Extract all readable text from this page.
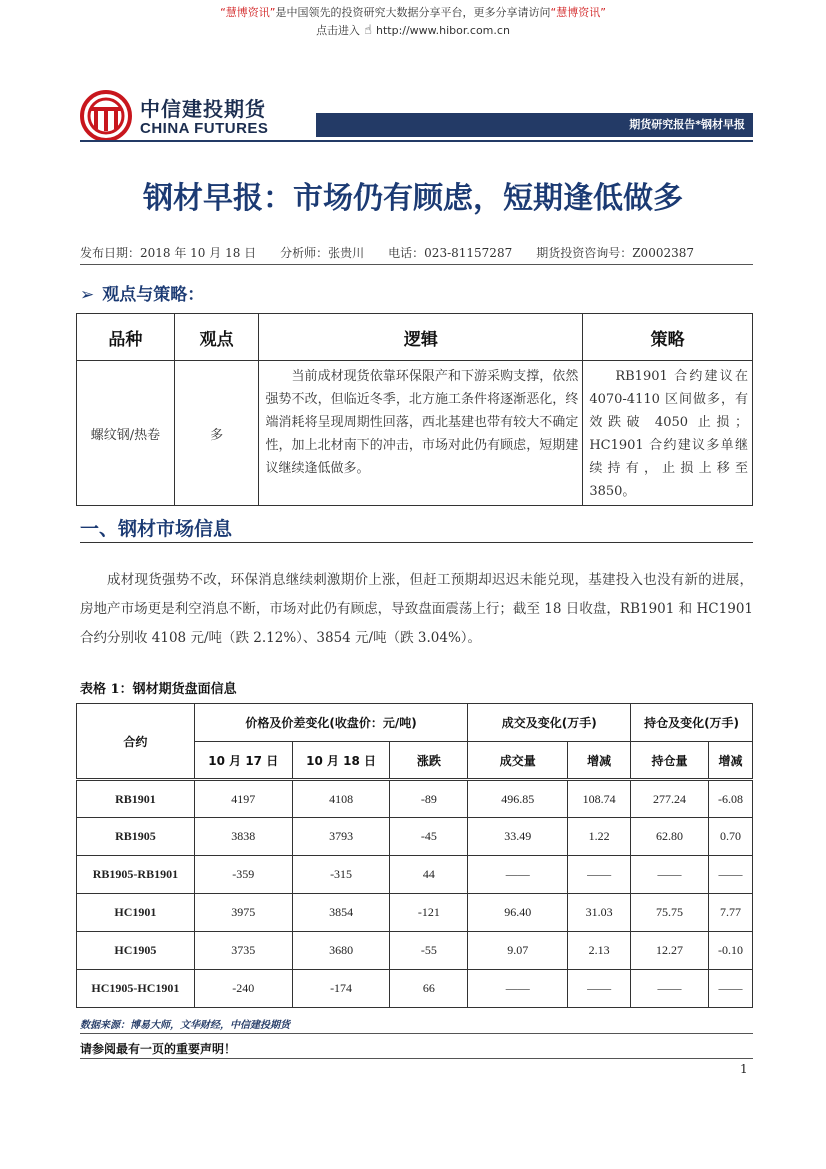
“慧博资讯”是中国领先的投资研究大数据分享平台，更多分享请访问“慧博资讯”
点击进入 ☝ http://www.hibor.com.cn
中信建投期货
CHINA FUTURES	期货研究报告*钢材早报
钢材早报：市场仍有顾虑，短期逢低做多
发布日期：2018 年 10 月 18 日 分析师：张贵川 电话：023-81157287 期货投资咨询号：Z0002387
➢ 观点与策略：
品种	观点	逻辑	策略
螺纹钢/热卷	多	当前成材现货依靠环保限产和下游采购支撑，依然强势不改，但临近冬季，北方施工条件将逐渐恶化，终端消耗将呈现周期性回落，西北基建也带有较大不确定性，加上北材南下的冲击，市场对此仍有顾虑，短期建议继续逢低做多。	RB1901 合约建议在 4070-4110 区间做多，有效跌破 4050 止损；HC1901 合约建议多单继续持有，止损上移至 3850。
一、钢材市场信息

成材现货强势不改，环保消息继续刺激期价上涨，但赶工预期却迟迟未能兑现，基建投入也没有新的进展，房地产市场更是利空消息不断，市场对此仍有顾虑，导致盘面震荡上行；截至 18 日收盘，RB1901 和 HC1901 合约分别收 4108 元/吨（跌 2.12%）、3854 元/吨（跌 3.04%）。

表格 1：钢材期货盘面信息
合约	价格及价差变化(收盘价：元/吨)			成交及变化(万手)		持仓及变化(万手)	
	10 月 17 日	10 月 18 日	涨跌	成交量	增减	持仓量	增减
RB1901	4197	4108	-89	496.85	108.74	277.24	-6.08
RB1905	3838	3793	-45	33.49	1.22	62.80	0.70
RB1905-RB1901	-359	-315	44	——	——	——	——
HC1901	3975	3854	-121	96.40	31.03	75.75	7.77
HC1905	3735	3680	-55	9.07	2.13	12.27	-0.10
HC1905-HC1901	-240	-174	66	——	——	——	——
数据来源：博易大师，文华财经，中信建投期货
请参阅最有一页的重要声明！
1
